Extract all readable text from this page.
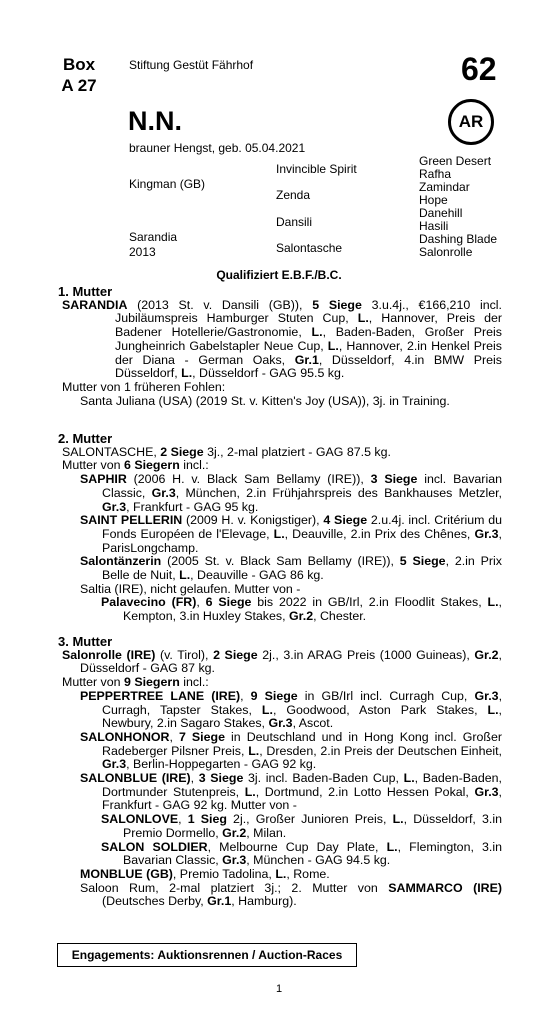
Box
A 27
Stiftung Gestüt Fährhof	62
AR
N.N.
brauner Hengst, geb. 05.04.2021
Kingman (GB)
Sarandia
2013
Invincible Spirit
Zenda
Dansili
Salontasche
Green Desert
Rafha
Zamindar
Hope
Danehill
Hasili
Dashing Blade
Salonrolle
Qualifiziert E.B.F./B.C.
1. Mutter

SARANDIA (2013 St. v. Dansili (GB)), 5 Siege 3.u.4j., €166,210 incl. Jubiläumspreis Hamburger Stuten Cup, L., Hannover, Preis der Badener Hotellerie/Gastronomie, L., Baden-Baden, Großer Preis Jungheinrich Gabelstapler Neue Cup, L., Hannover, 2.in Henkel Preis der Diana - German Oaks, Gr.1, Düsseldorf, 4.in BMW Preis Düsseldorf, L., Düsseldorf - GAG 95.5 kg.

Mutter von 1 früheren Fohlen:
Santa Juliana (USA) (2019 St. v. Kitten's Joy (USA)), 3j. in Training.
2. Mutter
SALONTASCHE, 2 Siege 3j., 2-mal platziert - GAG 87.5 kg.
Mutter von 6 Siegern incl.:

SAPHIR (2006 H. v. Black Sam Bellamy (IRE)), 3 Siege incl. Bavarian Classic, Gr.3, München, 2.in Frühjahrspreis des Bankhauses Metzler, Gr.3, Frankfurt - GAG 95 kg.

SAINT PELLERIN (2009 H. v. Konigstiger), 4 Siege 2.u.4j. incl. Critérium du Fonds Européen de l'Elevage, L., Deauville, 2.in Prix des Chênes, Gr.3, ParisLongchamp.

Salontänzerin (2005 St. v. Black Sam Bellamy (IRE)), 5 Siege, 2.in Prix Belle de Nuit, L., Deauville - GAG 86 kg.

Saltia (IRE), nicht gelaufen. Mutter von -

Palavecino (FR), 6 Siege bis 2022 in GB/Irl, 2.in Floodlit Stakes, L., Kempton, 3.in Huxley Stakes, Gr.2, Chester.

3. Mutter

Salonrolle (IRE) (v. Tirol), 2 Siege 2j., 3.in ARAG Preis (1000 Guineas), Gr.2, Düsseldorf - GAG 87 kg.

Mutter von 9 Siegern incl.:

PEPPERTREE LANE (IRE), 9 Siege in GB/Irl incl. Curragh Cup, Gr.3, Curragh, Tapster Stakes, L., Goodwood, Aston Park Stakes, L., Newbury, 2.in Sagaro Stakes, Gr.3, Ascot.

SALONHONOR, 7 Siege in Deutschland und in Hong Kong incl. Großer Radeberger Pilsner Preis, L., Dresden, 2.in Preis der Deutschen Einheit, Gr.3, Berlin-Hoppegarten - GAG 92 kg.

SALONBLUE (IRE), 3 Siege 3j. incl. Baden-Baden Cup, L., Baden-Baden, Dortmunder Stutenpreis, L., Dortmund, 2.in Lotto Hessen Pokal, Gr.3, Frankfurt - GAG 92 kg. Mutter von -

SALONLOVE, 1 Sieg 2j., Großer Junioren Preis, L., Düsseldorf, 3.in Premio Dormello, Gr.2, Milan.

SALON SOLDIER, Melbourne Cup Day Plate, L., Flemington, 3.in Bavarian Classic, Gr.3, München - GAG 94.5 kg.

MONBLUE (GB), Premio Tadolina, L., Rome.

Saloon Rum, 2-mal platziert 3j.; 2. Mutter von SAMMARCO (IRE) (Deutsches Derby, Gr.1, Hamburg).

Engagements: Auktionsrennen / Auction-Races
1
